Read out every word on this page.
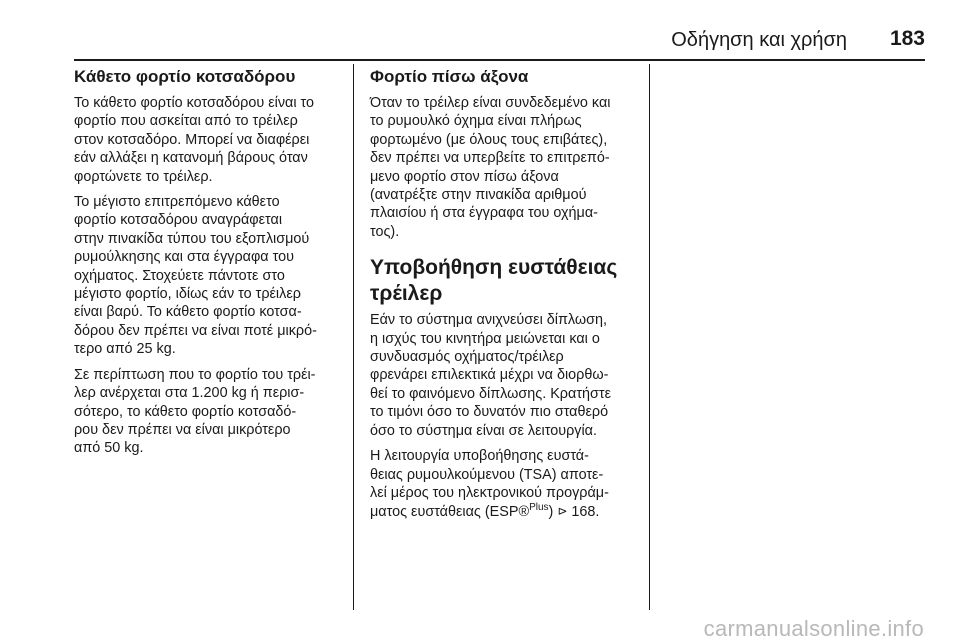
Οδήγηση και χρήση 183
Κάθετο φορτίο κοτσαδόρου

Το κάθετο φορτίο κοτσαδόρου είναι το
φορτίο που ασκείται από το τρέιλερ
στον κοτσαδόρο. Μπορεί να διαφέρει
εάν αλλάξει η κατανομή βάρους όταν
φορτώνετε το τρέιλερ.

Το μέγιστο επιτρεπόμενο κάθετο
φορτίο κοτσαδόρου αναγράφεται
στην πινακίδα τύπου του εξοπλισμού
ρυμούλκησης και στα έγγραφα του
οχήματος. Στοχεύετε πάντοτε στο
μέγιστο φορτίο, ιδίως εάν το τρέιλερ
είναι βαρύ. Το κάθετο φορτίο κοτσα-
δόρου δεν πρέπει να είναι ποτέ μικρό-
τερο από 25 kg.

Σε περίπτωση που το φορτίο του τρέι-
λερ ανέρχεται στα 1.200 kg ή περισ-
σότερο, το κάθετο φορτίο κοτσαδό-
ρου δεν πρέπει να είναι μικρότερο
από 50 kg.

Φορτίο πίσω άξονα

Όταν το τρέιλερ είναι συνδεδεμένο και
το ρυμουλκό όχημα είναι πλήρως
φορτωμένο (με όλους τους επιβάτες),
δεν πρέπει να υπερβείτε το επιτρεπό-
μενο φορτίο στον πίσω άξονα
(ανατρέξτε στην πινακίδα αριθμού
πλαισίου ή στα έγγραφα του οχήμα-
τος).

Υποβοήθηση ευστάθειας
τρέιλερ

Εάν το σύστημα ανιχνεύσει δίπλωση,
η ισχύς του κινητήρα μειώνεται και ο
συνδυασμός οχήματος/τρέιλερ
φρενάρει επιλεκτικά μέχρι να διορθω-
θεί το φαινόμενο δίπλωσης. Κρατήστε
το τιμόνι όσο το δυνατόν πιο σταθερό
όσο το σύστημα είναι σε λειτουργία.

Η λειτουργία υποβοήθησης ευστά-
θειας ρυμουλκούμενου (TSA) αποτε-
λεί μέρος του ηλεκτρονικού προγράμ-
ματος ευστάθειας (ESP®$^{Plus}$) ⊳ 168.

carmanualsonline.info
